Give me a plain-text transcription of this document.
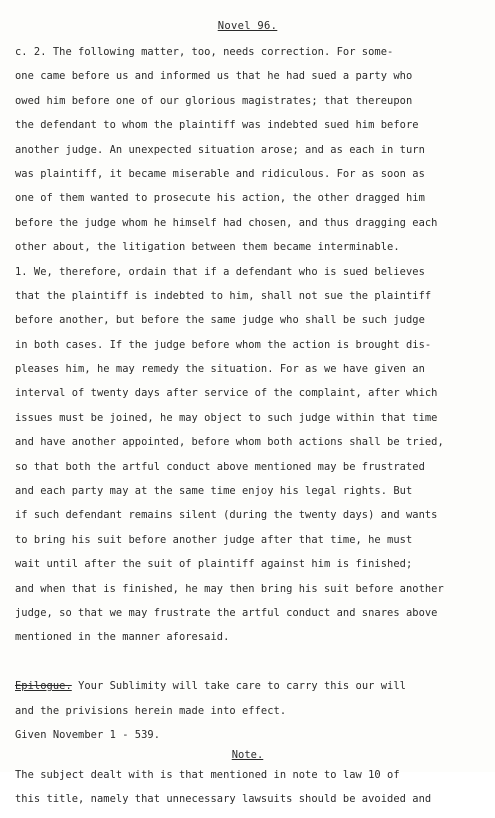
Novel 96.
c. 2. The following matter, too, needs correction. For some-
one came before us and informed us that he had sued a party who
owed him before one of our glorious magistrates; that thereupon
the defendant to whom the plaintiff was indebted sued him before
another judge. An unexpected situation arose; and as each in turn
was plaintiff, it became miserable and ridiculous. For as soon as
one of them wanted to prosecute his action, the other dragged him
before the judge whom he himself had chosen, and thus dragging each
other about, the litigation between them became interminable.
1. We, therefore, ordain that if a defendant who is sued believes
that the plaintiff is indebted to him, shall not sue the plaintiff
before another, but before the same judge who shall be such judge
in both cases. If the judge before whom the action is brought dis-
pleases him, he may remedy the situation. For as we have given an
interval of twenty days after service of the complaint, after which
issues must be joined, he may object to such judge within that time
and have another appointed, before whom both actions shall be tried,
so that both the artful conduct above mentioned may be frustrated
and each party may at the same time enjoy his legal rights. But
if such defendant remains silent (during the twenty days) and wants
to bring his suit before another judge after that time, he must
wait until after the suit of plaintiff against him is finished;
and when that is finished, he may then bring his suit before another
judge, so that we may frustrate the artful conduct and snares above
mentioned in the manner aforesaid.
Epilogue. Your Sublimity will take care to carry this our will
and the privisions herein made into effect.
Given November 1 - 539.
Note.
The subject dealt with is that mentioned in note to law 10 of
this title, namely that unnecessary lawsuits should be avoided and
